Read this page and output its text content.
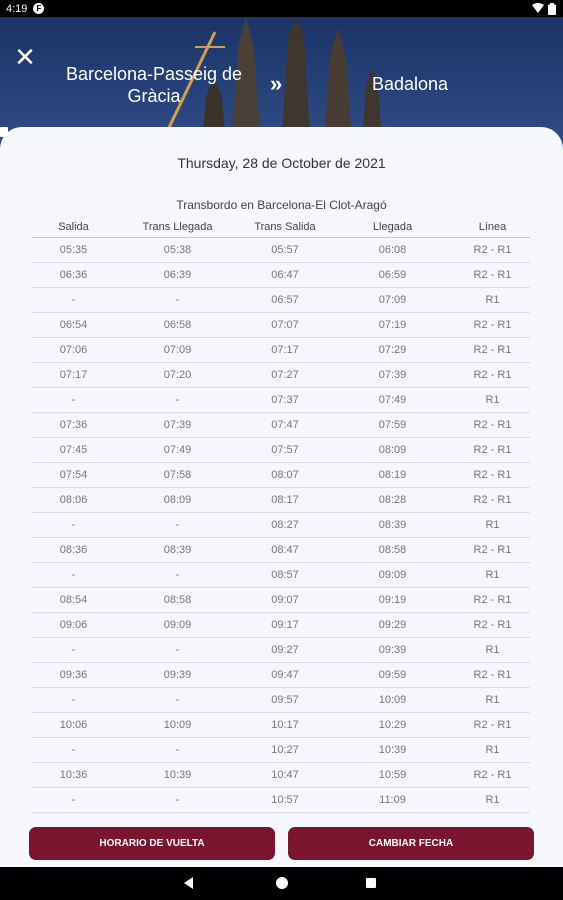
4:19	F
✕
Barcelona-Passeig de Gràcia	»	Badalona
Thursday, 28 de October de 2021
Transbordo en Barcelona-El Clot-Aragó
Salida	Trans Llegada	Trans Salida	Llegada	Línea
05:35	05:38	05:57	06:08	R2 - R1
06:36	06:39	06:47	06:59	R2 - R1
-	-	06:57	07:09	R1
06:54	06:58	07:07	07:19	R2 - R1
07:06	07:09	07:17	07:29	R2 - R1
07:17	07:20	07:27	07:39	R2 - R1
-	-	07:37	07:49	R1
07:36	07:39	07:47	07:59	R2 - R1
07:45	07:49	07:57	08:09	R2 - R1
07:54	07:58	08:07	08:19	R2 - R1
08:06	08:09	08:17	08:28	R2 - R1
-	-	08:27	08:39	R1
08:36	08:39	08:47	08:58	R2 - R1
-	-	08:57	09:09	R1
08:54	08:58	09:07	09:19	R2 - R1
09:06	09:09	09:17	09:29	R2 - R1
-	-	09:27	09:39	R1
09:36	09:39	09:47	09:59	R2 - R1
-	-	09:57	10:09	R1
10:06	10:09	10:17	10:29	R2 - R1
-	-	10:27	10:39	R1
10:36	10:39	10:47	10:59	R2 - R1
-	-	10:57	11:09	R1
HORARIO DE VUELTA	CAMBIAR FECHA
